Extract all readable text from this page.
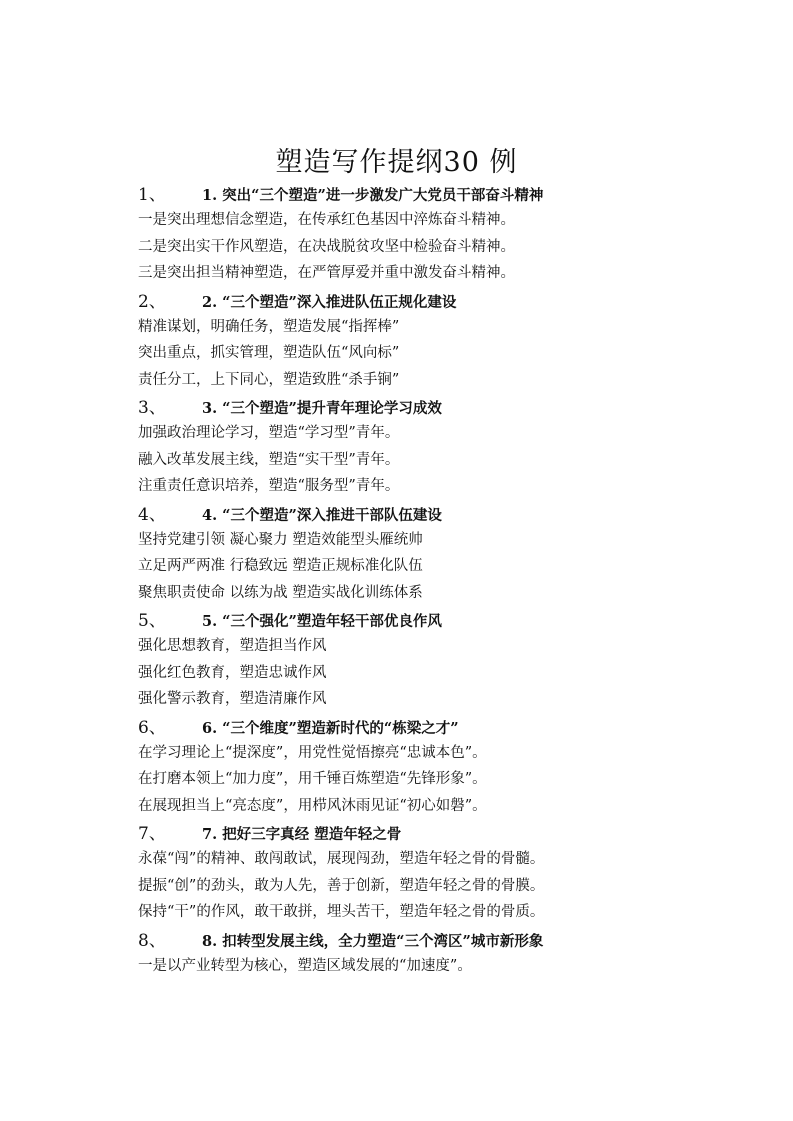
塑造写作提纲30 例
1、	1. 突出“三个塑造”进一步激发广大党员干部奋斗精神
一是突出理想信念塑造，在传承红色基因中淬炼奋斗精神。
二是突出实干作风塑造，在决战脱贫攻坚中检验奋斗精神。
三是突出担当精神塑造，在严管厚爱并重中激发奋斗精神。
2、	2. “三个塑造”深入推进队伍正规化建设
精准谋划，明确任务，塑造发展“指挥棒”
突出重点，抓实管理，塑造队伍“风向标”
责任分工，上下同心，塑造致胜“杀手锏”
3、	3. “三个塑造”提升青年理论学习成效
加强政治理论学习，塑造“学习型”青年。
融入改革发展主线，塑造“实干型”青年。
注重责任意识培养，塑造“服务型”青年。
4、	4. “三个塑造”深入推进干部队伍建设
坚持党建引领 凝心聚力 塑造效能型头雁统帅
立足两严两准 行稳致远 塑造正规标准化队伍
聚焦职责使命 以练为战 塑造实战化训练体系
5、	5. “三个强化”塑造年轻干部优良作风
强化思想教育，塑造担当作风
强化红色教育，塑造忠诚作风
强化警示教育，塑造清廉作风
6、	6. “三个维度”塑造新时代的“栋梁之才”
在学习理论上“提深度”，用党性觉悟擦亮“忠诚本色”。
在打磨本领上“加力度”，用千锤百炼塑造“先锋形象”。
在展现担当上“亮态度”，用栉风沐雨见证“初心如磐”。
7、	7. 把好三字真经 塑造年轻之骨
永葆“闯”的精神、敢闯敢试，展现闯劲，塑造年轻之骨的骨髓。
提振“创”的劲头，敢为人先，善于创新，塑造年轻之骨的骨膜。
保持“干”的作风，敢干敢拼，埋头苦干，塑造年轻之骨的骨质。
8、	8. 扣转型发展主线，全力塑造“三个湾区”城市新形象
一是以产业转型为核心，塑造区域发展的“加速度”。
